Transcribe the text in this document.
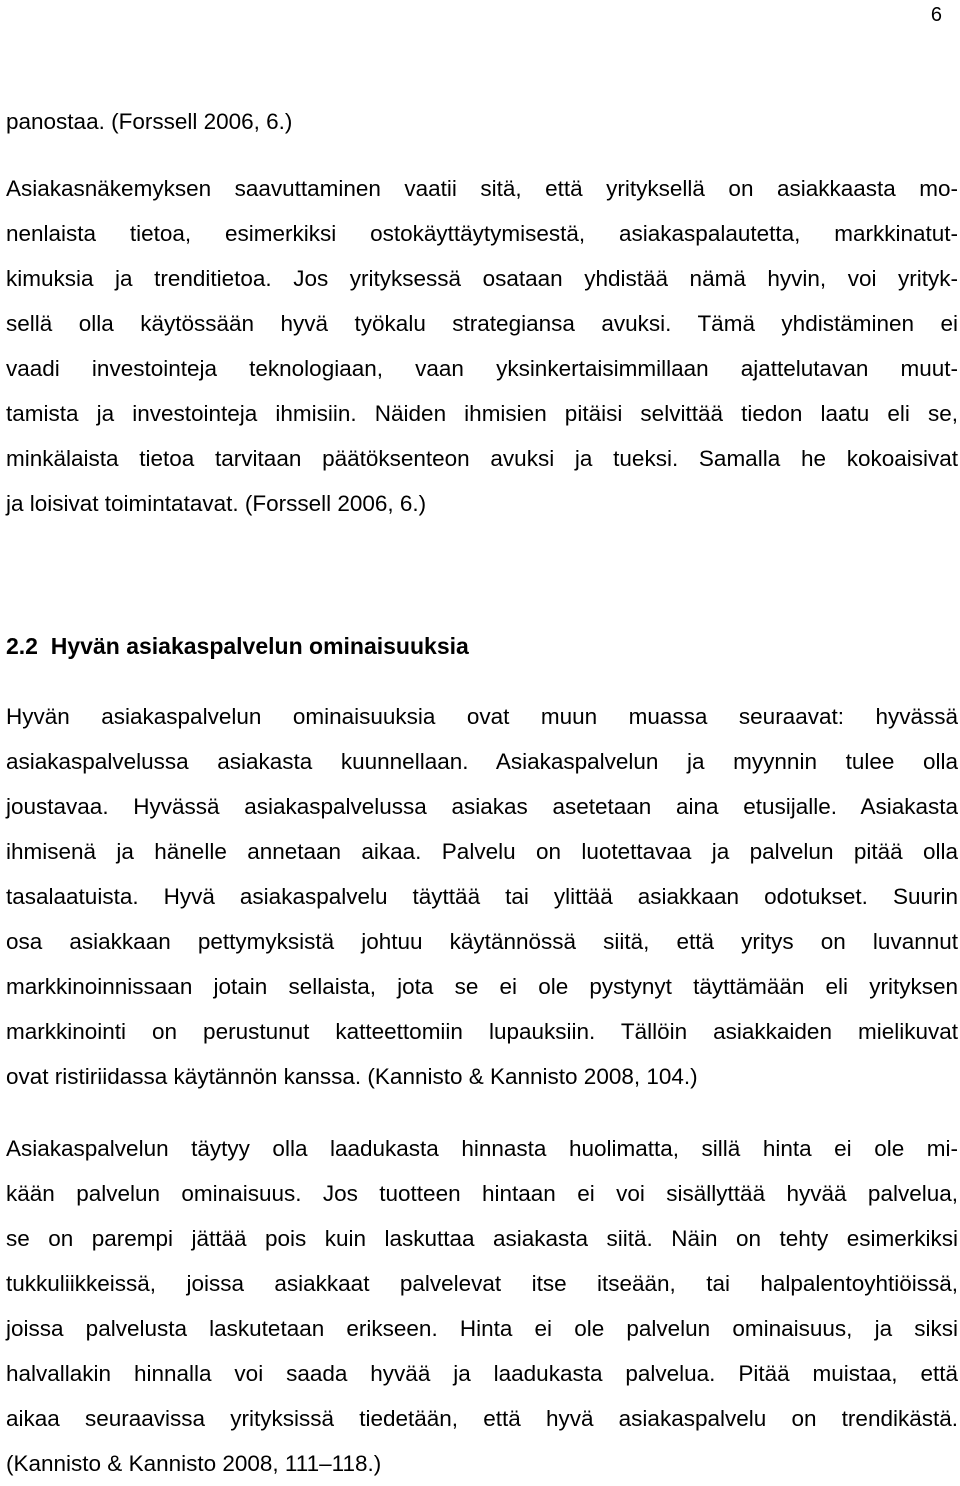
6

panostaa. (Forssell 2006, 6.)

Asiakasnäkemyksen saavuttaminen vaatii sitä, että yrityksellä on asiakkaasta mo-
nenlaista tietoa, esimerkiksi ostokäyttäytymisestä, asiakaspalautetta, markkinatut-
kimuksia ja trenditietoa. Jos yrityksessä osataan yhdistää nämä hyvin, voi yrityk-
sellä olla käytössään hyvä työkalu strategiansa avuksi. Tämä yhdistäminen ei
vaadi investointeja teknologiaan, vaan yksinkertaisimmillaan ajattelutavan muut-
tamista ja investointeja ihmisiin. Näiden ihmisien pitäisi selvittää tiedon laatu eli se,
minkälaista tietoa tarvitaan päätöksenteon avuksi ja tueksi. Samalla he kokoaisivat
ja loisivat toimintatavat. (Forssell 2006, 6.)

2.2 Hyvän asiakaspalvelun ominaisuuksia

Hyvän asiakaspalvelun ominaisuuksia ovat muun muassa seuraavat: hyvässä
asiakaspalvelussa asiakasta kuunnellaan. Asiakaspalvelun ja myynnin tulee olla
joustavaa. Hyvässä asiakaspalvelussa asiakas asetetaan aina etusijalle. Asiakasta
ihmisenä ja hänelle annetaan aikaa. Palvelu on luotettavaa ja palvelun pitää olla
tasalaatuista. Hyvä asiakaspalvelu täyttää tai ylittää asiakkaan odotukset. Suurin
osa asiakkaan pettymyksistä johtuu käytännössä siitä, että yritys on luvannut
markkinoinnissaan jotain sellaista, jota se ei ole pystynyt täyttämään eli yrityksen
markkinointi on perustunut katteettomiin lupauksiin. Tällöin asiakkaiden mielikuvat
ovat ristiriidassa käytännön kanssa. (Kannisto & Kannisto 2008, 104.)

Asiakaspalvelun täytyy olla laadukasta hinnasta huolimatta, sillä hinta ei ole mi-
kään palvelun ominaisuus. Jos tuotteen hintaan ei voi sisällyttää hyvää palvelua,
se on parempi jättää pois kuin laskuttaa asiakasta siitä. Näin on tehty esimerkiksi
tukkuliikkeissä, joissa asiakkaat palvelevat itse itseään, tai halpalentoyhtiöissä,
joissa palvelusta laskutetaan erikseen. Hinta ei ole palvelun ominaisuus, ja siksi
halvallakin hinnalla voi saada hyvää ja laadukasta palvelua. Pitää muistaa, että
aikaa seuraavissa yrityksissä tiedetään, että hyvä asiakaspalvelu on trendikästä.
(Kannisto & Kannisto 2008, 111–118.)
